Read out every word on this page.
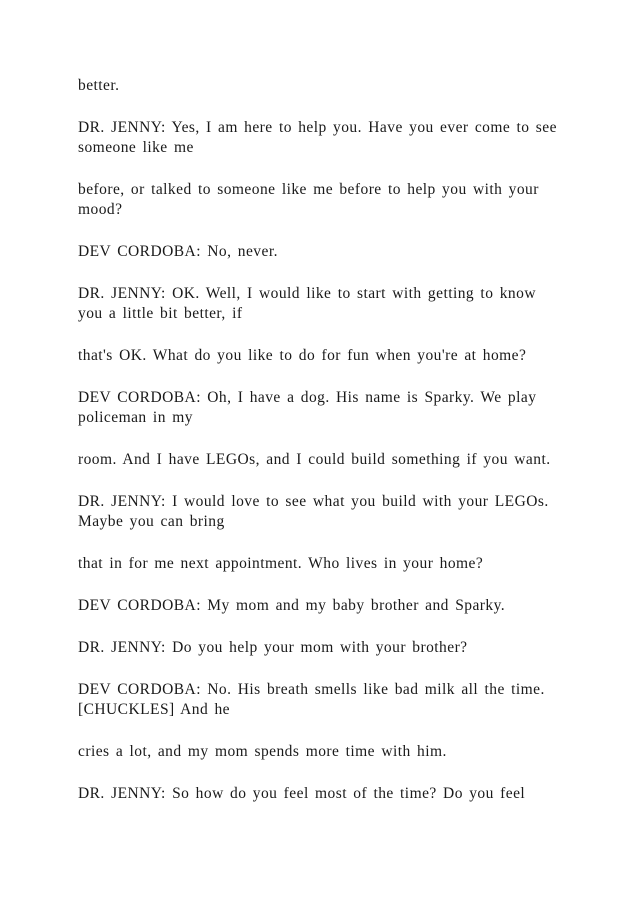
better.

DR. JENNY: Yes, I am here to help you. Have you ever come to see someone like me

before, or talked to someone like me before to help you with your mood?

DEV CORDOBA: No, never.

DR. JENNY: OK. Well, I would like to start with getting to know you a little bit better, if

that's OK. What do you like to do for fun when you're at home?

DEV CORDOBA: Oh, I have a dog. His name is Sparky. We play policeman in my

room. And I have LEGOs, and I could build something if you want.

DR. JENNY: I would love to see what you build with your LEGOs. Maybe you can bring

that in for me next appointment. Who lives in your home?

DEV CORDOBA: My mom and my baby brother and Sparky.

DR. JENNY: Do you help your mom with your brother?

DEV CORDOBA: No. His breath smells like bad milk all the time. [CHUCKLES] And he

cries a lot, and my mom spends more time with him.

DR. JENNY: So how do you feel most of the time? Do you feel
